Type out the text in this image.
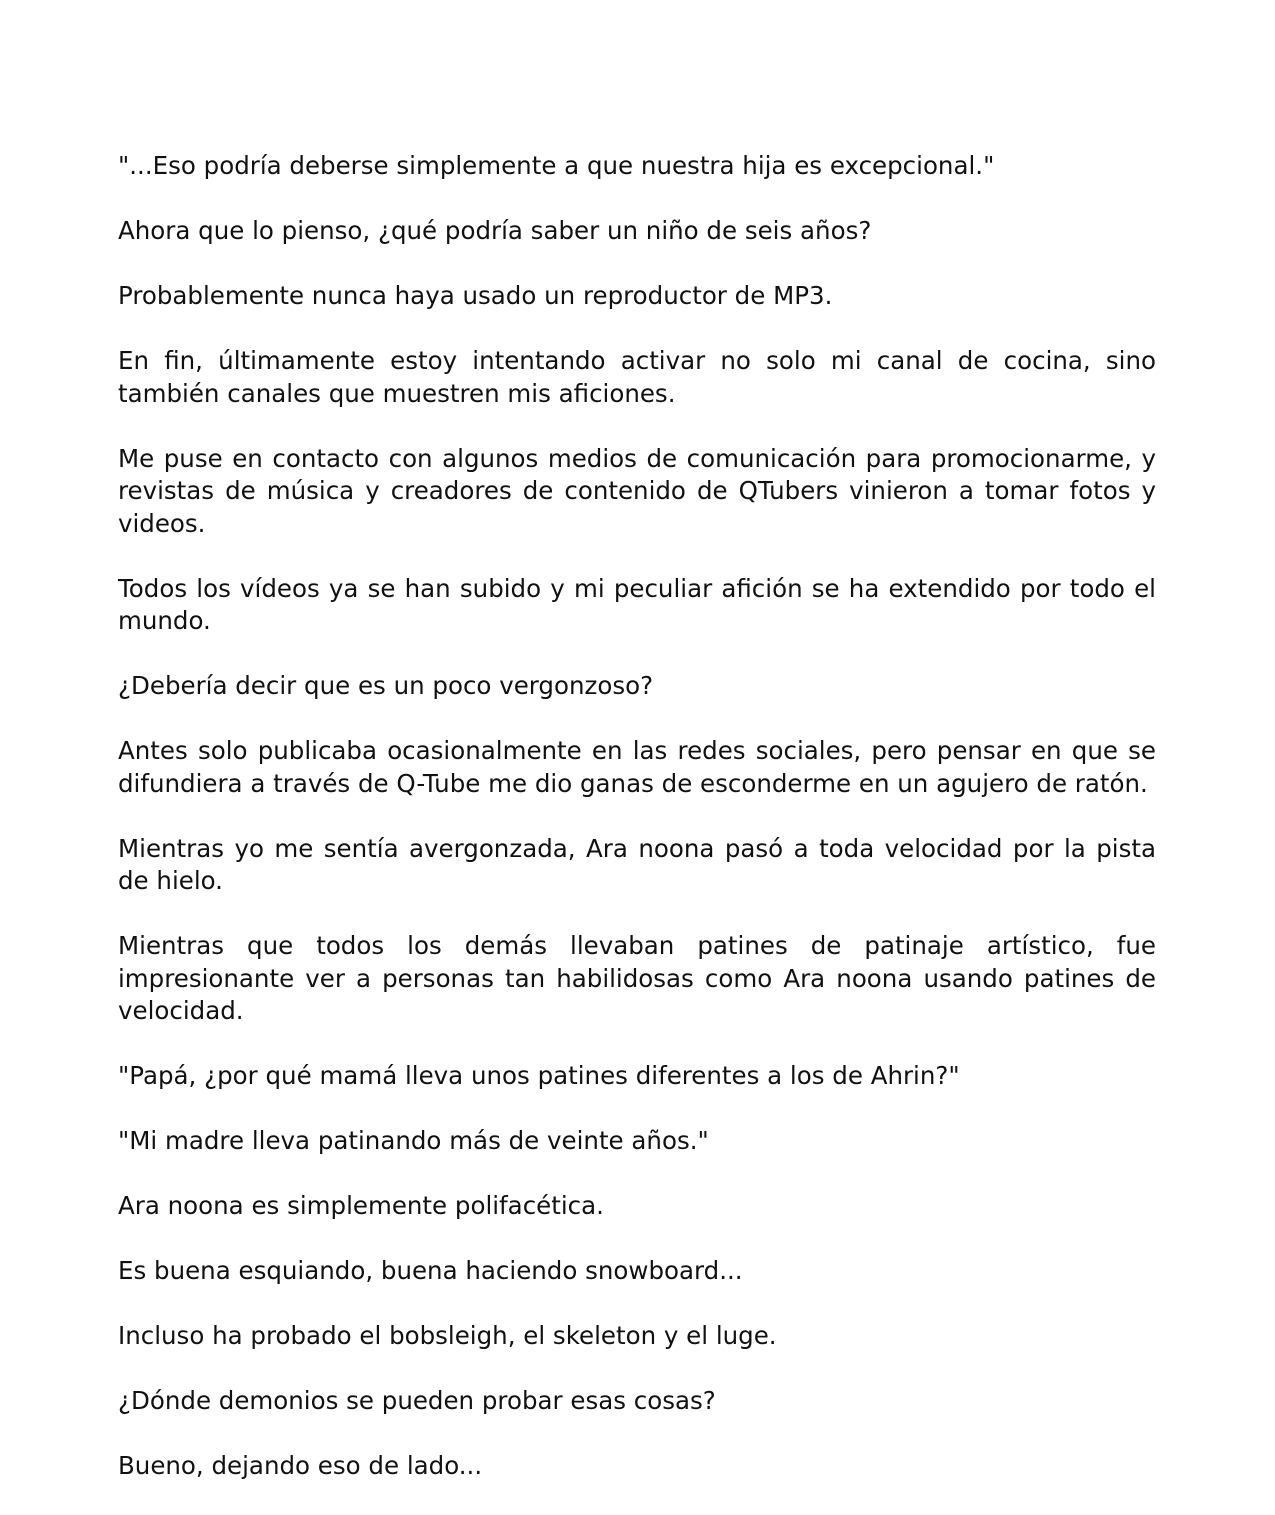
"...Eso podría deberse simplemente a que nuestra hija es excepcional."

Ahora que lo pienso, ¿qué podría saber un niño de seis años?

Probablemente nunca haya usado un reproductor de MP3.

En fin, últimamente estoy intentando activar no solo mi canal de cocina, sino también canales que muestren mis aficiones.

Me puse en contacto con algunos medios de comunicación para promocionarme, y revistas de música y creadores de contenido de QTubers vinieron a tomar fotos y videos.

Todos los vídeos ya se han subido y mi peculiar afición se ha extendido por todo el mundo.

¿Debería decir que es un poco vergonzoso?

Antes solo publicaba ocasionalmente en las redes sociales, pero pensar en que se difundiera a través de Q-Tube me dio ganas de esconderme en un agujero de ratón.

Mientras yo me sentía avergonzada, Ara noona pasó a toda velocidad por la pista de hielo.

Mientras que todos los demás llevaban patines de patinaje artístico, fue impresionante ver a personas tan habilidosas como Ara noona usando patines de velocidad.

"Papá, ¿por qué mamá lleva unos patines diferentes a los de Ahrin?"

"Mi madre lleva patinando más de veinte años."

Ara noona es simplemente polifacética.

Es buena esquiando, buena haciendo snowboard...

Incluso ha probado el bobsleigh, el skeleton y el luge.

¿Dónde demonios se pueden probar esas cosas?

Bueno, dejando eso de lado...
